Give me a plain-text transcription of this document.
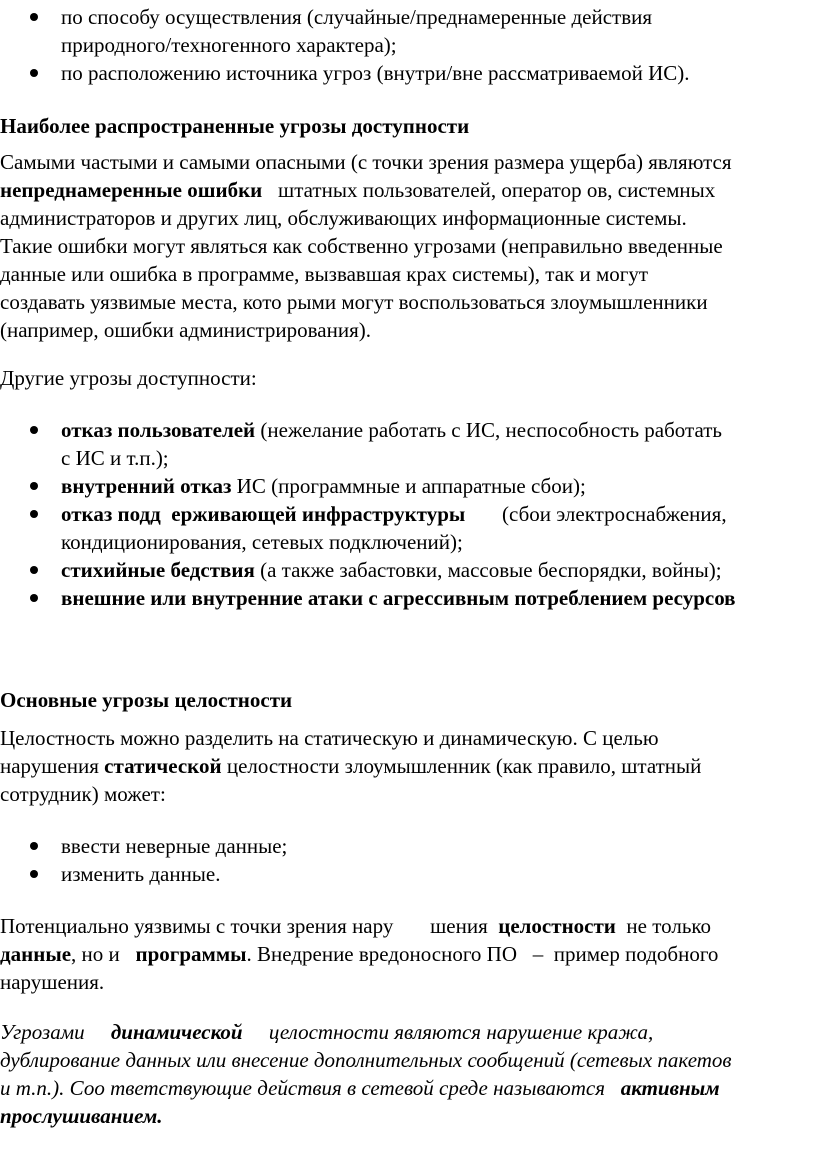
по способу осуществления (случайные/преднамеренные действия
природного/техногенного характера);
по расположению источника угроз (внутри/вне рассматриваемой ИС).
Наиболее распространенные угрозы доступности
Самыми частыми и самыми опасными (с точки зрения размера ущерба) являются
непреднамеренные ошибки   штатных пользователей, оператор ов, системных
администраторов и других лиц, обслуживающих информационные системы.
Такие ошибки могут являться как собственно угрозами (неправильно введенные
данные или ошибка в программе, вызвавшая крах системы), так и могут
создавать уязвимые места, кото рыми могут воспользоваться злоумышленники
(например, ошибки администрирования).
Другие угрозы доступности:
отказ пользователей (нежелание работать с ИС, неспособность работать
с ИС и т.п.);
внутренний отказ ИС (программные и аппаратные сбои);
отказ подд  ерживающей инфраструктуры       (сбои электроснабжения,
кондиционирования, сетевых подключений);
стихийные бедствия (а также забастовки, массовые беспорядки, войны);
внешние или внутренние атаки с агрессивным потреблением ресурсов
Основные угрозы целостности
Целостность можно разделить на статическую и динамическую. С целью
нарушения статической целостности злоумышленник (как правило, штатный
сотрудник) может:
ввести неверные данные;
изменить данные.
Потенциально уязвимы с точки зрения нару       шения  целостности  не только
данные, но и   программы. Внедрение вредоносного ПО   –  пример подобного
нарушения.
Угрозами     динамической     целостности являются нарушение кража,
дублирование данных или внесение дополнительных сообщений (сетевых пакетов
и т.п.). Соо тветствующие действия в сетевой среде называются   активным
прослушиванием.
